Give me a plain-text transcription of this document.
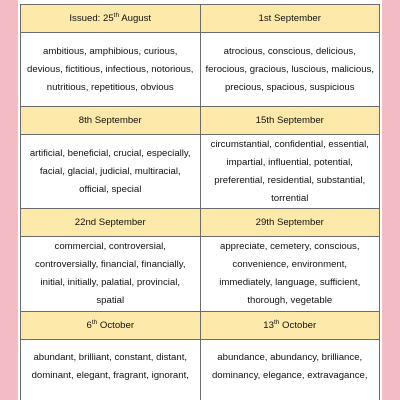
Issued: 25th August	1st September
ambitious, amphibious, curious, devious, fictitious, infectious, notorious, nutritious, repetitious, obvious	atrocious, conscious, delicious, ferocious, gracious, luscious, malicious, precious, spacious, suspicious
8th September	15th September
artificial, beneficial, crucial, especially, facial, glacial, judicial, multiracial, official, special	circumstantial, confidential, essential, impartial, influential, potential, preferential, residential, substantial, torrential
22nd September	29th September
commercial, controversial, controversially, financial, financially, initial, initially, palatial, provincial, spatial	appreciate, cemetery, conscious, convenience, environment, immediately, language, sufficient, thorough, vegetable
6th October	13th October
abundant, brilliant, constant, distant, dominant, elegant, fragrant, ignorant,	abundance, abundancy, brilliance, dominancy, elegance, extravagance,
